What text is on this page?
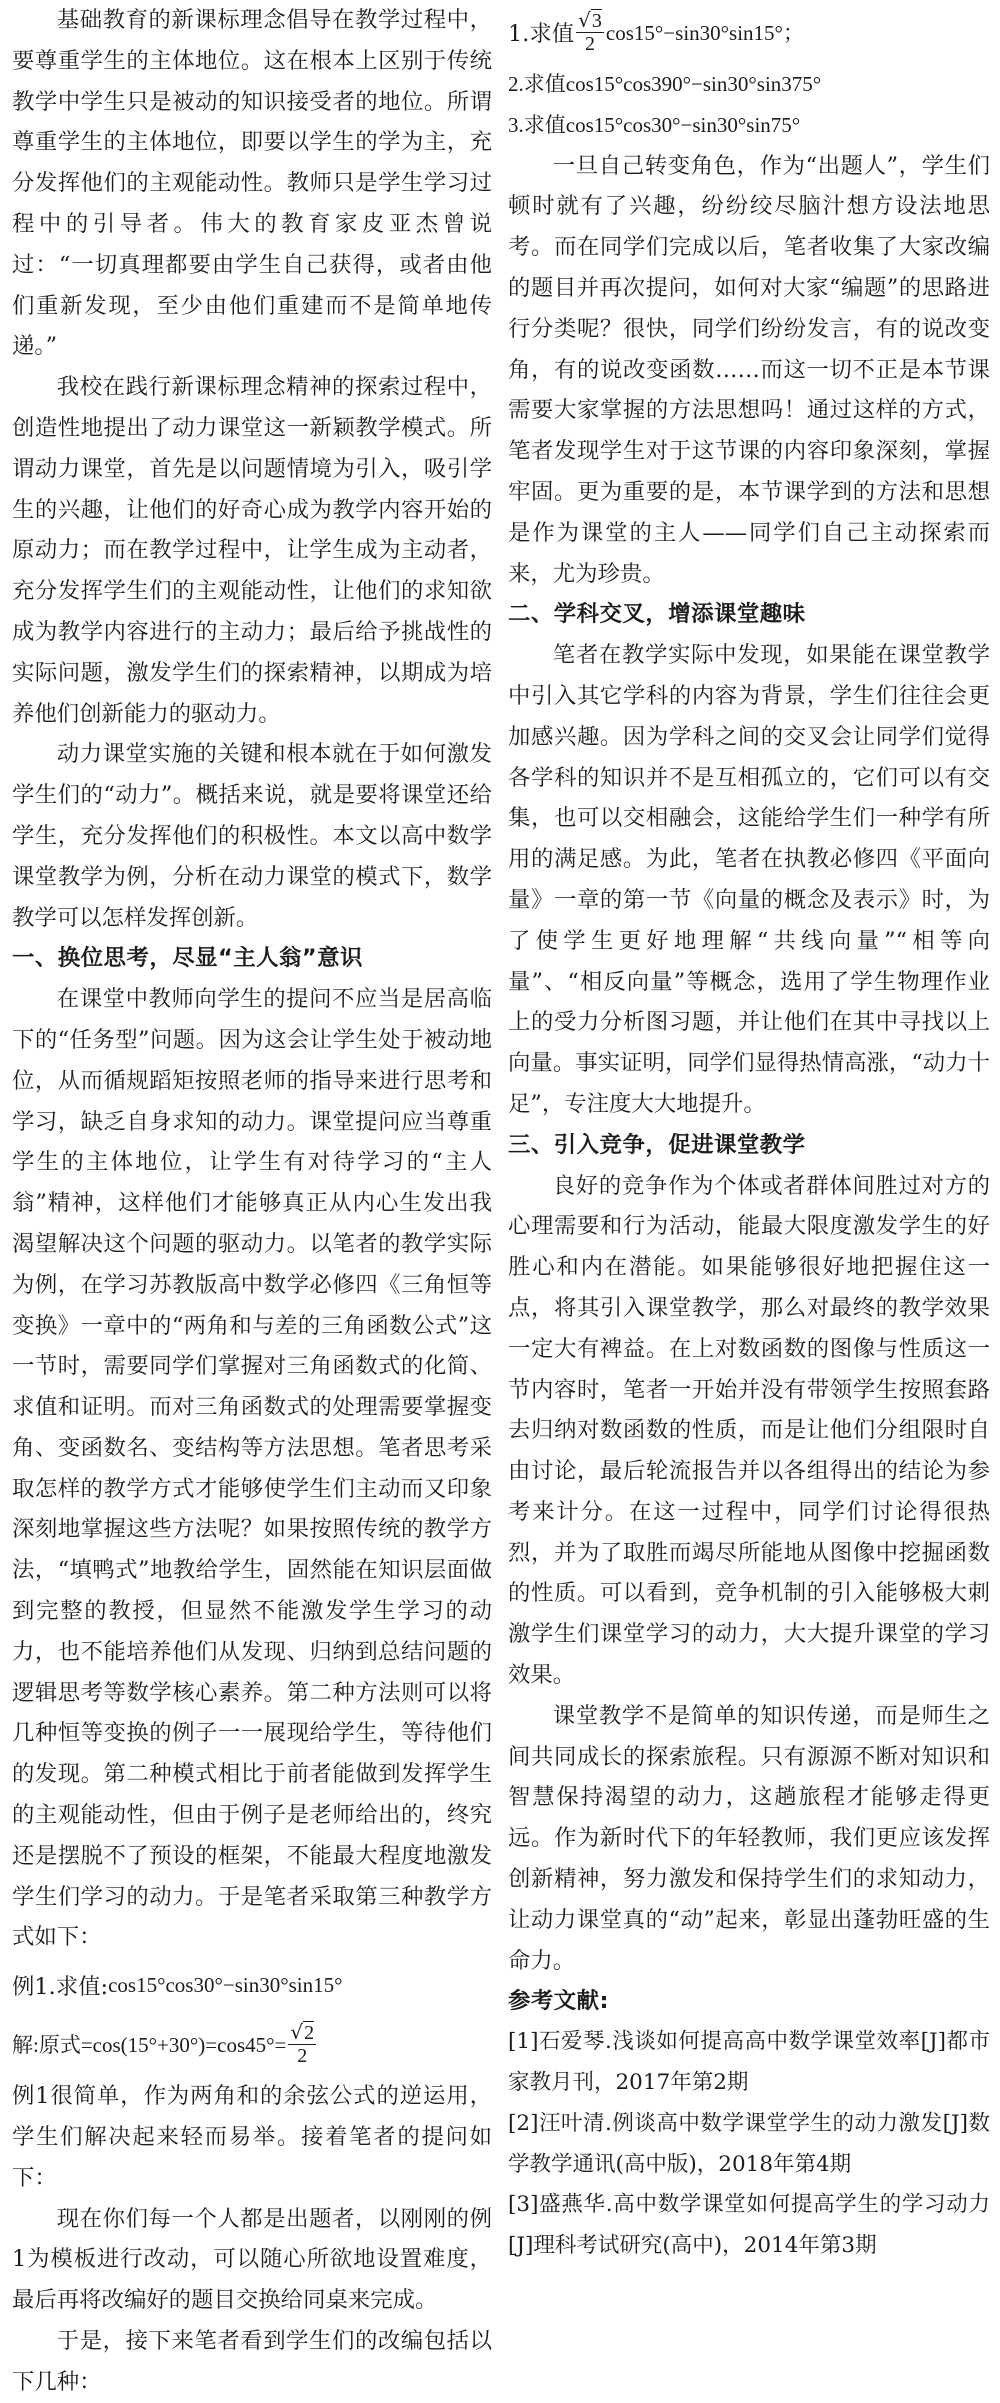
基础教育的新课标理念倡导在教学过程中，要尊重学生的主体地位。这在根本上区别于传统教学中学生只是被动的知识接受者的地位。所谓尊重学生的主体地位，即要以学生的学为主，充分发挥他们的主观能动性。教师只是学生学习过程中的引导者。伟大的教育家皮亚杰曾说过：“一切真理都要由学生自己获得，或者由他们重新发现，至少由他们重建而不是简单地传递。”

我校在践行新课标理念精神的探索过程中，创造性地提出了动力课堂这一新颖教学模式。所谓动力课堂，首先是以问题情境为引入，吸引学生的兴趣，让他们的好奇心成为教学内容开始的原动力；而在教学过程中，让学生成为主动者，充分发挥学生们的主观能动性，让他们的求知欲成为教学内容进行的主动力；最后给予挑战性的实际问题，激发学生们的探索精神，以期成为培养他们创新能力的驱动力。

动力课堂实施的关键和根本就在于如何激发学生们的“动力”。概括来说，就是要将课堂还给学生，充分发挥他们的积极性。本文以高中数学课堂教学为例，分析在动力课堂的模式下，数学教学可以怎样发挥创新。

一、换位思考，尽显“主人翁”意识

在课堂中教师向学生的提问不应当是居高临下的“任务型”问题。因为这会让学生处于被动地位，从而循规蹈矩按照老师的指导来进行思考和学习，缺乏自身求知的动力。课堂提问应当尊重学生的主体地位，让学生有对待学习的“主人翁”精神，这样他们才能够真正从内心生发出我渴望解决这个问题的驱动力。以笔者的教学实际为例，在学习苏教版高中数学必修四《三角恒等变换》一章中的“两角和与差的三角函数公式”这一节时，需要同学们掌握对三角函数式的化简、求值和证明。而对三角函数式的处理需要掌握变角、变函数名、变结构等方法思想。笔者思考采取怎样的教学方式才能够使学生们主动而又印象深刻地掌握这些方法呢？如果按照传统的教学方法，“填鸭式”地教给学生，固然能在知识层面做到完整的教授，但显然不能激发学生学习的动力，也不能培养他们从发现、归纳到总结问题的逻辑思考等数学核心素养。第二种方法则可以将几种恒等变换的例子一一展现给学生，等待他们的发现。第二种模式相比于前者能做到发挥学生的主观能动性，但由于例子是老师给出的，终究还是摆脱不了预设的框架，不能最大程度地激发学生们学习的动力。于是笔者采取第三种教学方式如下：

例1.求值: cos15°cos30°−sin30°sin15°
解:原式$=\cos(15^\circ+30^\circ)=\cos 45^\circ= \frac{√2}{2}$

例1很简单，作为两角和的余弦公式的逆运用，学生们解决起来轻而易举。接着笔者的提问如下：

现在你们每一个人都是出题者，以刚刚的例1为模板进行改动，可以随心所欲地设置难度，最后再将改编好的题目交换给同桌来完成。

于是，接下来笔者看到学生们的改编包括以下几种：

1.求值 $\frac{√3}{2} \cos 15^\circ-\sin 30^\circ\sin 15^\circ$；

2.求值cos15°cos390°−sin30°sin375°

3.求值cos15°cos30°−sin30°sin75°

一旦自己转变角色，作为“出题人”，学生们顿时就有了兴趣，纷纷绞尽脑汁想方设法地思考。而在同学们完成以后，笔者收集了大家改编的题目并再次提问，如何对大家“编题”的思路进行分类呢？很快，同学们纷纷发言，有的说改变角，有的说改变函数……而这一切不正是本节课需要大家掌握的方法思想吗！通过这样的方式，笔者发现学生对于这节课的内容印象深刻，掌握牢固。更为重要的是，本节课学到的方法和思想是作为课堂的主人——同学们自己主动探索而来，尤为珍贵。

二、学科交叉，增添课堂趣味

笔者在教学实际中发现，如果能在课堂教学中引入其它学科的内容为背景，学生们往往会更加感兴趣。因为学科之间的交叉会让同学们觉得各学科的知识并不是互相孤立的，它们可以有交集，也可以交相融会，这能给学生们一种学有所用的满足感。为此，笔者在执教必修四《平面向量》一章的第一节《向量的概念及表示》时，为了使学生更好地理解“共线向量”“相等向量”、“相反向量”等概念，选用了学生物理作业上的受力分析图习题，并让他们在其中寻找以上向量。事实证明，同学们显得热情高涨，“动力十足”，专注度大大地提升。

三、引入竞争，促进课堂教学

良好的竞争作为个体或者群体间胜过对方的心理需要和行为活动，能最大限度激发学生的好胜心和内在潜能。如果能够很好地把握住这一点，将其引入课堂教学，那么对最终的教学效果一定大有裨益。在上对数函数的图像与性质这一节内容时，笔者一开始并没有带领学生按照套路去归纳对数函数的性质，而是让他们分组限时自由讨论，最后轮流报告并以各组得出的结论为参考来计分。在这一过程中，同学们讨论得很热烈，并为了取胜而竭尽所能地从图像中挖掘函数的性质。可以看到，竞争机制的引入能够极大刺激学生们课堂学习的动力，大大提升课堂的学习效果。

课堂教学不是简单的知识传递，而是师生之间共同成长的探索旅程。只有源源不断对知识和智慧保持渴望的动力，这趟旅程才能够走得更远。作为新时代下的年轻教师，我们更应该发挥创新精神，努力激发和保持学生们的求知动力，让动力课堂真的“动”起来，彰显出蓬勃旺盛的生命力。

参考文献:

[1]石爱琴.浅谈如何提高高中数学课堂效率[J]都市家教月刊，2017年第2期

[2]汪叶清.例谈高中数学课堂学生的动力激发[J]数学教学通讯(高中版)，2018年第4期

[3]盛燕华.高中数学课堂如何提高学生的学习动力[J]理科考试研究(高中)，2014年第3期
